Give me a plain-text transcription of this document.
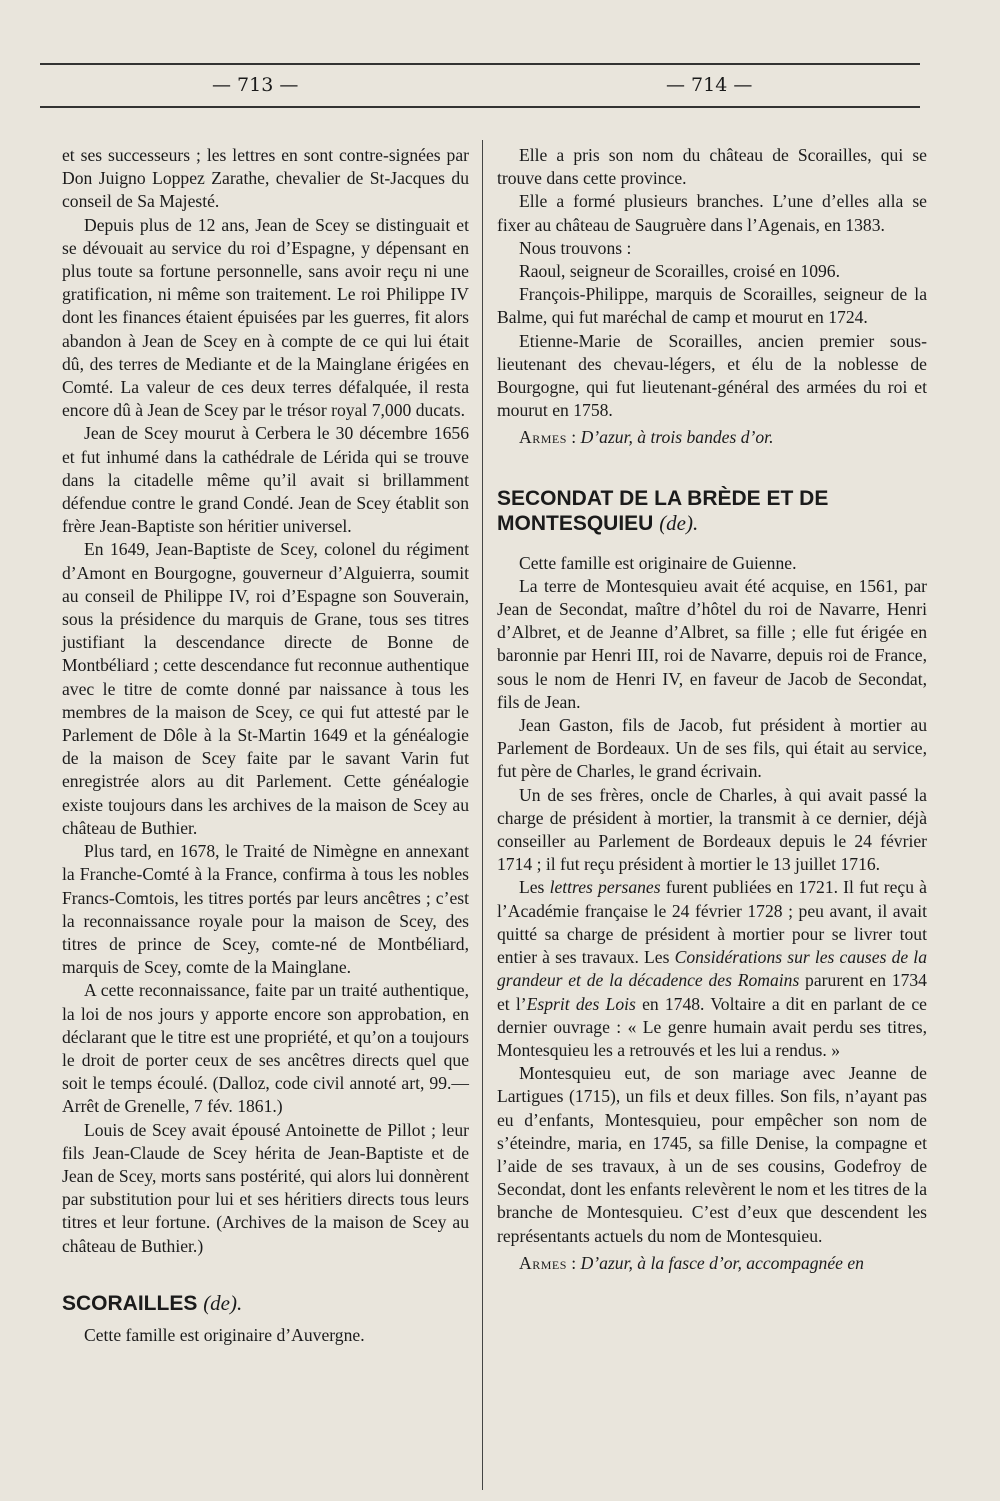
— 713 —	— 714 —

et ses successeurs ; les lettres en sont contre-signées par Don Juigno Loppez Zarathe, chevalier de St-Jacques du conseil de Sa Majesté.

Depuis plus de 12 ans, Jean de Scey se distinguait et se dévouait au service du roi d’Espagne, y dépensant en plus toute sa fortune personnelle, sans avoir reçu ni une gratification, ni même son traitement. Le roi Philippe IV dont les finances étaient épuisées par les guerres, fit alors abandon à Jean de Scey en à compte de ce qui lui était dû, des terres de Mediante et de la Mainglane érigées en Comté. La valeur de ces deux terres défalquée, il resta encore dû à Jean de Scey par le trésor royal 7,000 ducats.

Jean de Scey mourut à Cerbera le 30 décembre 1656 et fut inhumé dans la cathédrale de Lérida qui se trouve dans la citadelle même qu’il avait si brillamment défendue contre le grand Condé. Jean de Scey établit son frère Jean-Baptiste son héritier universel.

En 1649, Jean-Baptiste de Scey, colonel du régiment d’Amont en Bourgogne, gouverneur d’Alguierra, soumit au conseil de Philippe IV, roi d’Espagne son Souverain, sous la présidence du marquis de Grane, tous ses titres justifiant la descendance directe de Bonne de Montbéliard ; cette descendance fut reconnue authentique avec le titre de comte donné par naissance à tous les membres de la maison de Scey, ce qui fut attesté par le Parlement de Dôle à la St-Martin 1649 et la généalogie de la maison de Scey faite par le savant Varin fut enregistrée alors au dit Parlement. Cette généalogie existe toujours dans les archives de la maison de Scey au château de Buthier.

Plus tard, en 1678, le Traité de Nimègne en annexant la Franche-Comté à la France, confirma à tous les nobles Francs-Comtois, les titres portés par leurs ancêtres ; c’est la reconnaissance royale pour la maison de Scey, des titres de prince de Scey, comte-né de Montbéliard, marquis de Scey, comte de la Mainglane.

A cette reconnaissance, faite par un traité authentique, la loi de nos jours y apporte encore son approbation, en déclarant que le titre est une propriété, et qu’on a toujours le droit de porter ceux de ses ancêtres directs quel que soit le temps écoulé. (Dalloz, code civil annoté art, 99.— Arrêt de Grenelle, 7 fév. 1861.)

Louis de Scey avait épousé Antoinette de Pillot ; leur fils Jean-Claude de Scey hérita de Jean-Baptiste et de Jean de Scey, morts sans postérité, qui alors lui donnèrent par substitution pour lui et ses héritiers directs tous leurs titres et leur fortune. (Archives de la maison de Scey au château de Buthier.)

SCORAILLES (de).

Cette famille est originaire d’Auvergne.

Elle a pris son nom du château de Scorailles, qui se trouve dans cette province.

Elle a formé plusieurs branches. L’une d’elles alla se fixer au château de Saugruère dans l’Agenais, en 1383.

Nous trouvons :

Raoul, seigneur de Scorailles, croisé en 1096.

François-Philippe, marquis de Scorailles, seigneur de la Balme, qui fut maréchal de camp et mourut en 1724.

Etienne-Marie de Scorailles, ancien premier sous-lieutenant des chevau-légers, et élu de la noblesse de Bourgogne, qui fut lieutenant-général des armées du roi et mourut en 1758.

Armes : D’azur, à trois bandes d’or.

SECONDAT DE LA BRÈDE ET DE MONTESQUIEU (de).

Cette famille est originaire de Guienne.

La terre de Montesquieu avait été acquise, en 1561, par Jean de Secondat, maître d’hôtel du roi de Navarre, Henri d’Albret, et de Jeanne d’Albret, sa fille ; elle fut érigée en baronnie par Henri III, roi de Navarre, depuis roi de France, sous le nom de Henri IV, en faveur de Jacob de Secondat, fils de Jean.

Jean Gaston, fils de Jacob, fut président à mortier au Parlement de Bordeaux. Un de ses fils, qui était au service, fut père de Charles, le grand écrivain.

Un de ses frères, oncle de Charles, à qui avait passé la charge de président à mortier, la transmit à ce dernier, déjà conseiller au Parlement de Bordeaux depuis le 24 février 1714 ; il fut reçu président à mortier le 13 juillet 1716.

Les lettres persanes furent publiées en 1721. Il fut reçu à l’Académie française le 24 février 1728 ; peu avant, il avait quitté sa charge de président à mortier pour se livrer tout entier à ses travaux. Les Considérations sur les causes de la grandeur et de la décadence des Romains parurent en 1734 et l’Esprit des Lois en 1748. Voltaire a dit en parlant de ce dernier ouvrage : « Le genre humain avait perdu ses titres, Montesquieu les a retrouvés et les lui a rendus. »

Montesquieu eut, de son mariage avec Jeanne de Lartigues (1715), un fils et deux filles. Son fils, n’ayant pas eu d’enfants, Montesquieu, pour empêcher son nom de s’éteindre, maria, en 1745, sa fille Denise, la compagne et l’aide de ses travaux, à un de ses cousins, Godefroy de Secondat, dont les enfants relevèrent le nom et les titres de la branche de Montesquieu. C’est d’eux que descendent les représentants actuels du nom de Montesquieu.

Armes : D’azur, à la fasce d’or, accompagnée en
